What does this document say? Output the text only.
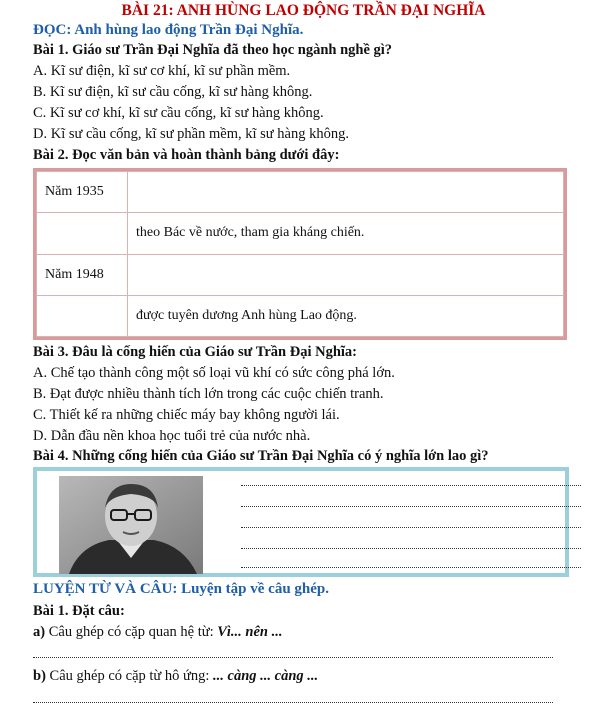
BÀI 21: ANH HÙNG LAO ĐỘNG TRẦN ĐẠI NGHĨA
ĐỌC: Anh hùng lao động Trần Đại Nghĩa.
Bài 1. Giáo sư Trần Đại Nghĩa đã theo học ngành nghề gì?
A. Kĩ sư điện, kĩ sư cơ khí, kĩ sư phần mềm.
B. Kĩ sư điện, kĩ sư cầu cống, kĩ sư hàng không.
C. Kĩ sư cơ khí, kĩ sư cầu cống, kĩ sư hàng không.
D. Kĩ sư cầu cống, kĩ sư phần mềm, kĩ sư hàng không.
Bài 2. Đọc văn bản và hoàn thành bảng dưới đây:
Năm 1935	
	theo Bác về nước, tham gia kháng chiến.
Năm 1948	
	được tuyên dương Anh hùng Lao động.
Bài 3. Đâu là cống hiến của Giáo sư Trần Đại Nghĩa:
A. Chế tạo thành công một số loại vũ khí có sức công phá lớn.
B. Đạt được nhiều thành tích lớn trong các cuộc chiến tranh.
C. Thiết kế ra những chiếc máy bay không người lái.
D. Dẫn đầu nền khoa học tuổi trẻ của nước nhà.
Bài 4. Những cống hiến của Giáo sư Trần Đại Nghĩa có ý nghĩa lớn lao gì?
LUYỆN TỪ VÀ CÂU: Luyện tập về câu ghép.
Bài 1. Đặt câu:
a) Câu ghép có cặp quan hệ từ: Vì... nên ...
b) Câu ghép có cặp từ hô ứng: ... càng ... càng ...
